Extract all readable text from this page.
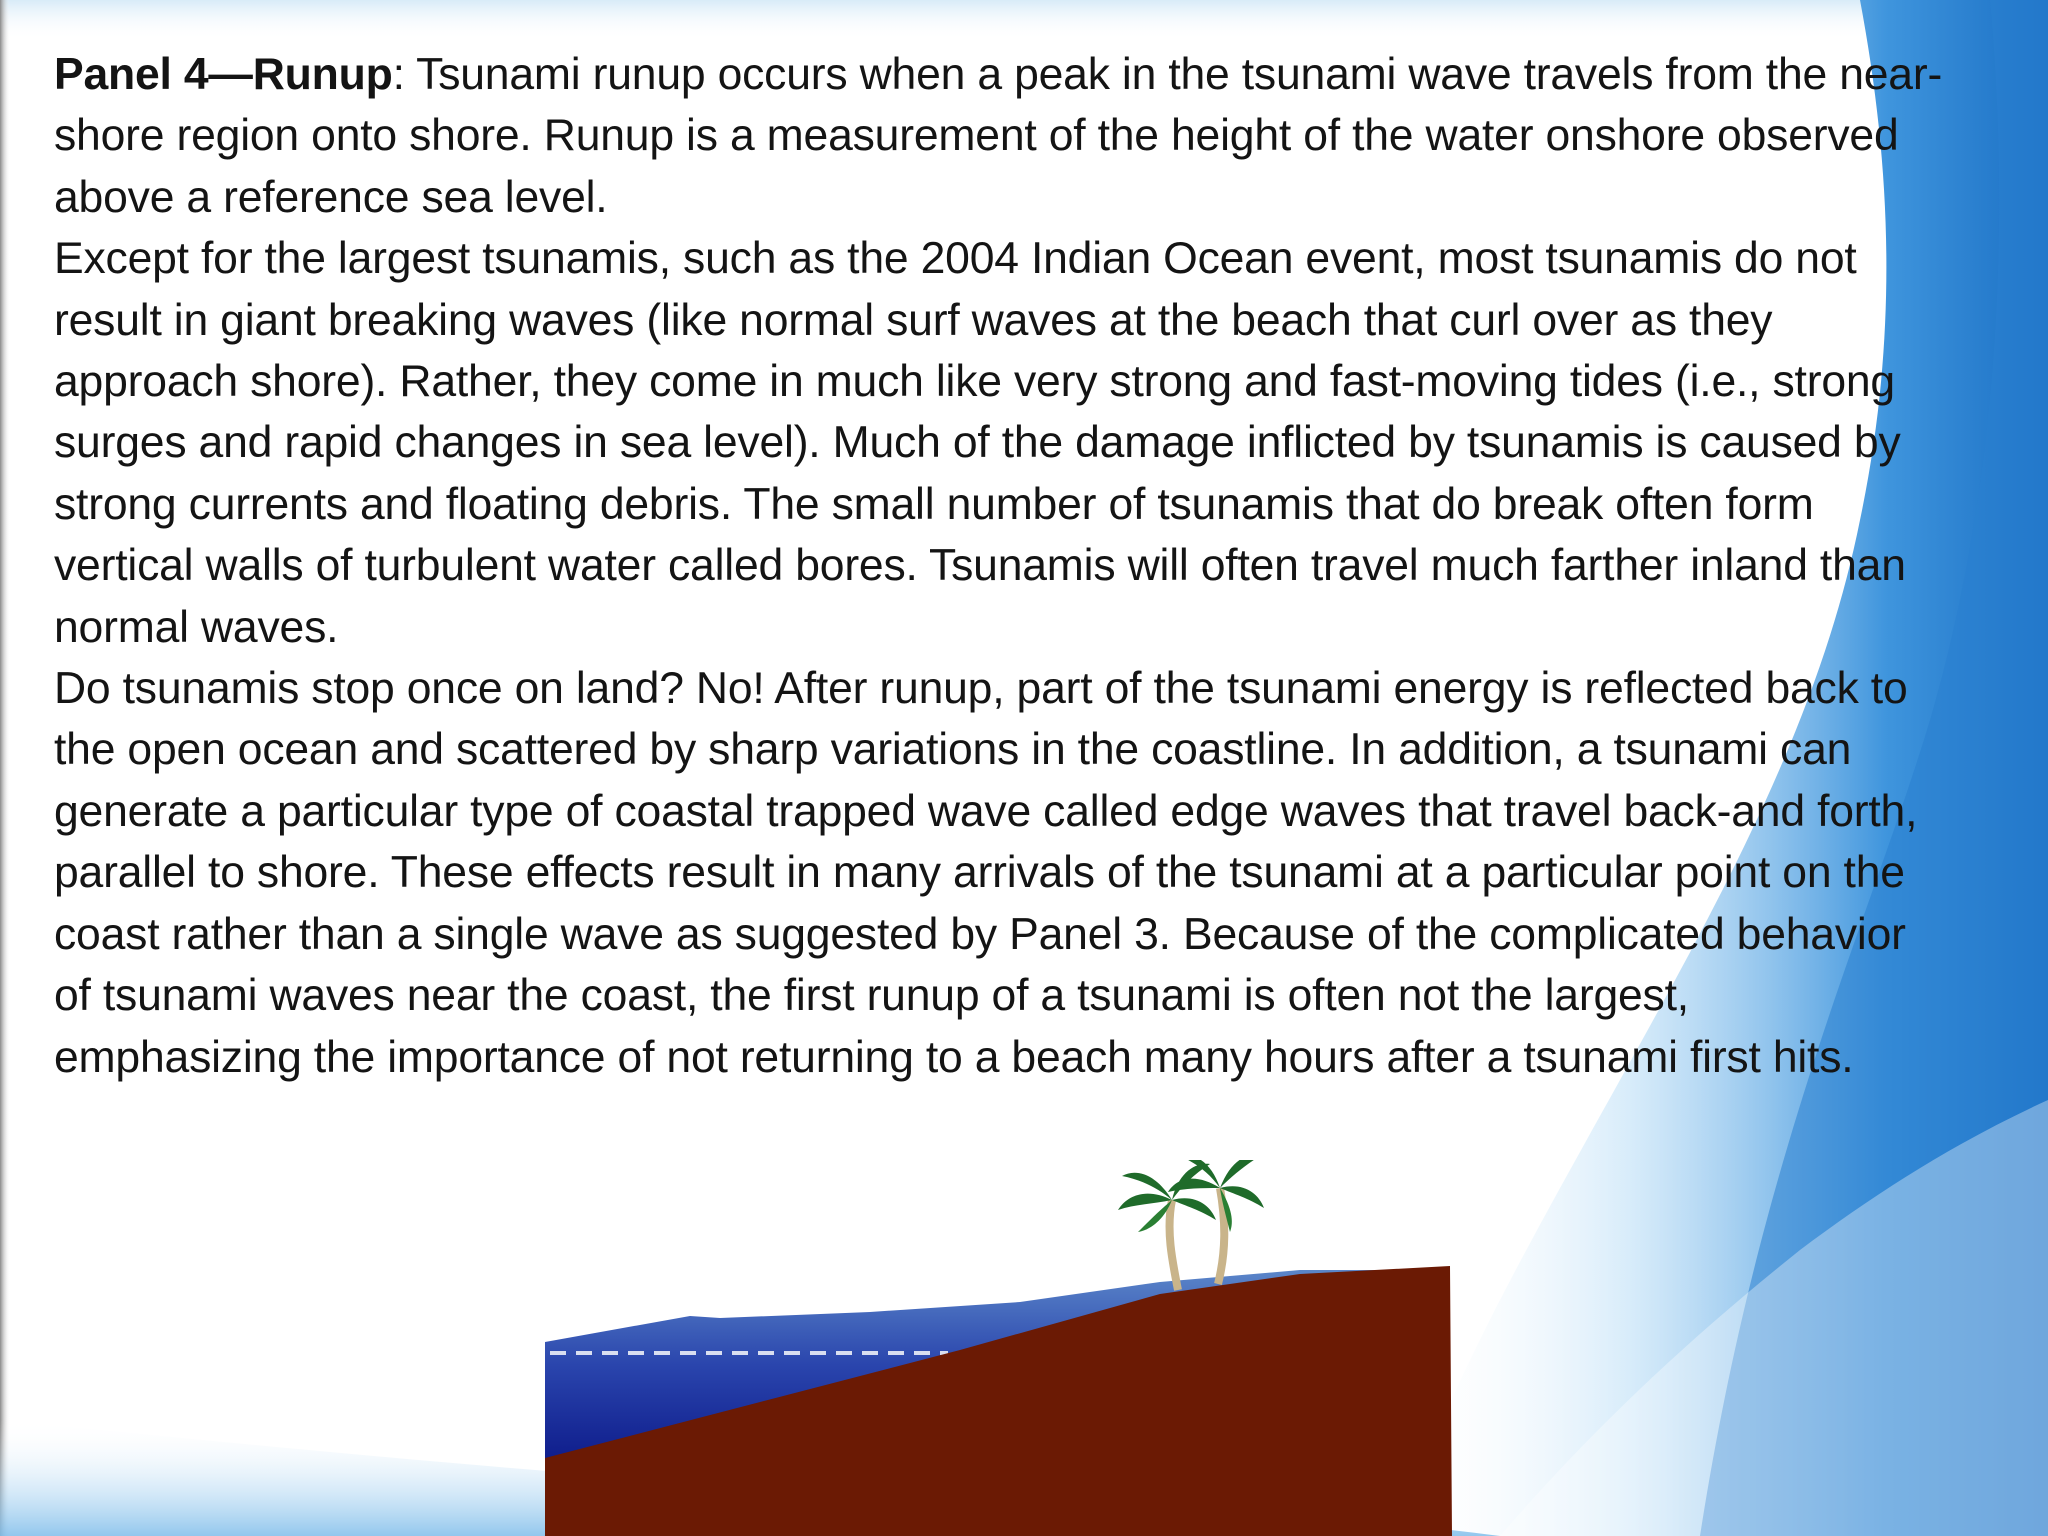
Panel 4—Runup: Tsunami runup occurs when a peak in the tsunami wave travels from the near-shore region onto shore. Runup is a measurement of the height of the water onshore observed above a reference sea level.

Except for the largest tsunamis, such as the 2004 Indian Ocean event, most tsunamis do not result in giant breaking waves (like normal surf waves at the beach that curl over as they approach shore). Rather, they come in much like very strong and fast-moving tides (i.e., strong surges and rapid changes in sea level). Much of the damage inflicted by tsunamis is caused by strong currents and floating debris. The small number of tsunamis that do break often form vertical walls of turbulent water called bores. Tsunamis will often travel much farther inland than normal waves.

Do tsunamis stop once on land? No! After runup, part of the tsunami energy is reflected back to the open ocean and scattered by sharp variations in the coastline. In addition, a tsunami can generate a particular type of coastal trapped wave called edge waves that travel back-and forth, parallel to shore. These effects result in many arrivals of the tsunami at a particular point on the coast rather than a single wave as suggested by Panel 3. Because of the complicated behavior of tsunami waves near the coast, the first runup of a tsunami is often not the largest, emphasizing the importance of not returning to a beach many hours after a tsunami first hits.
